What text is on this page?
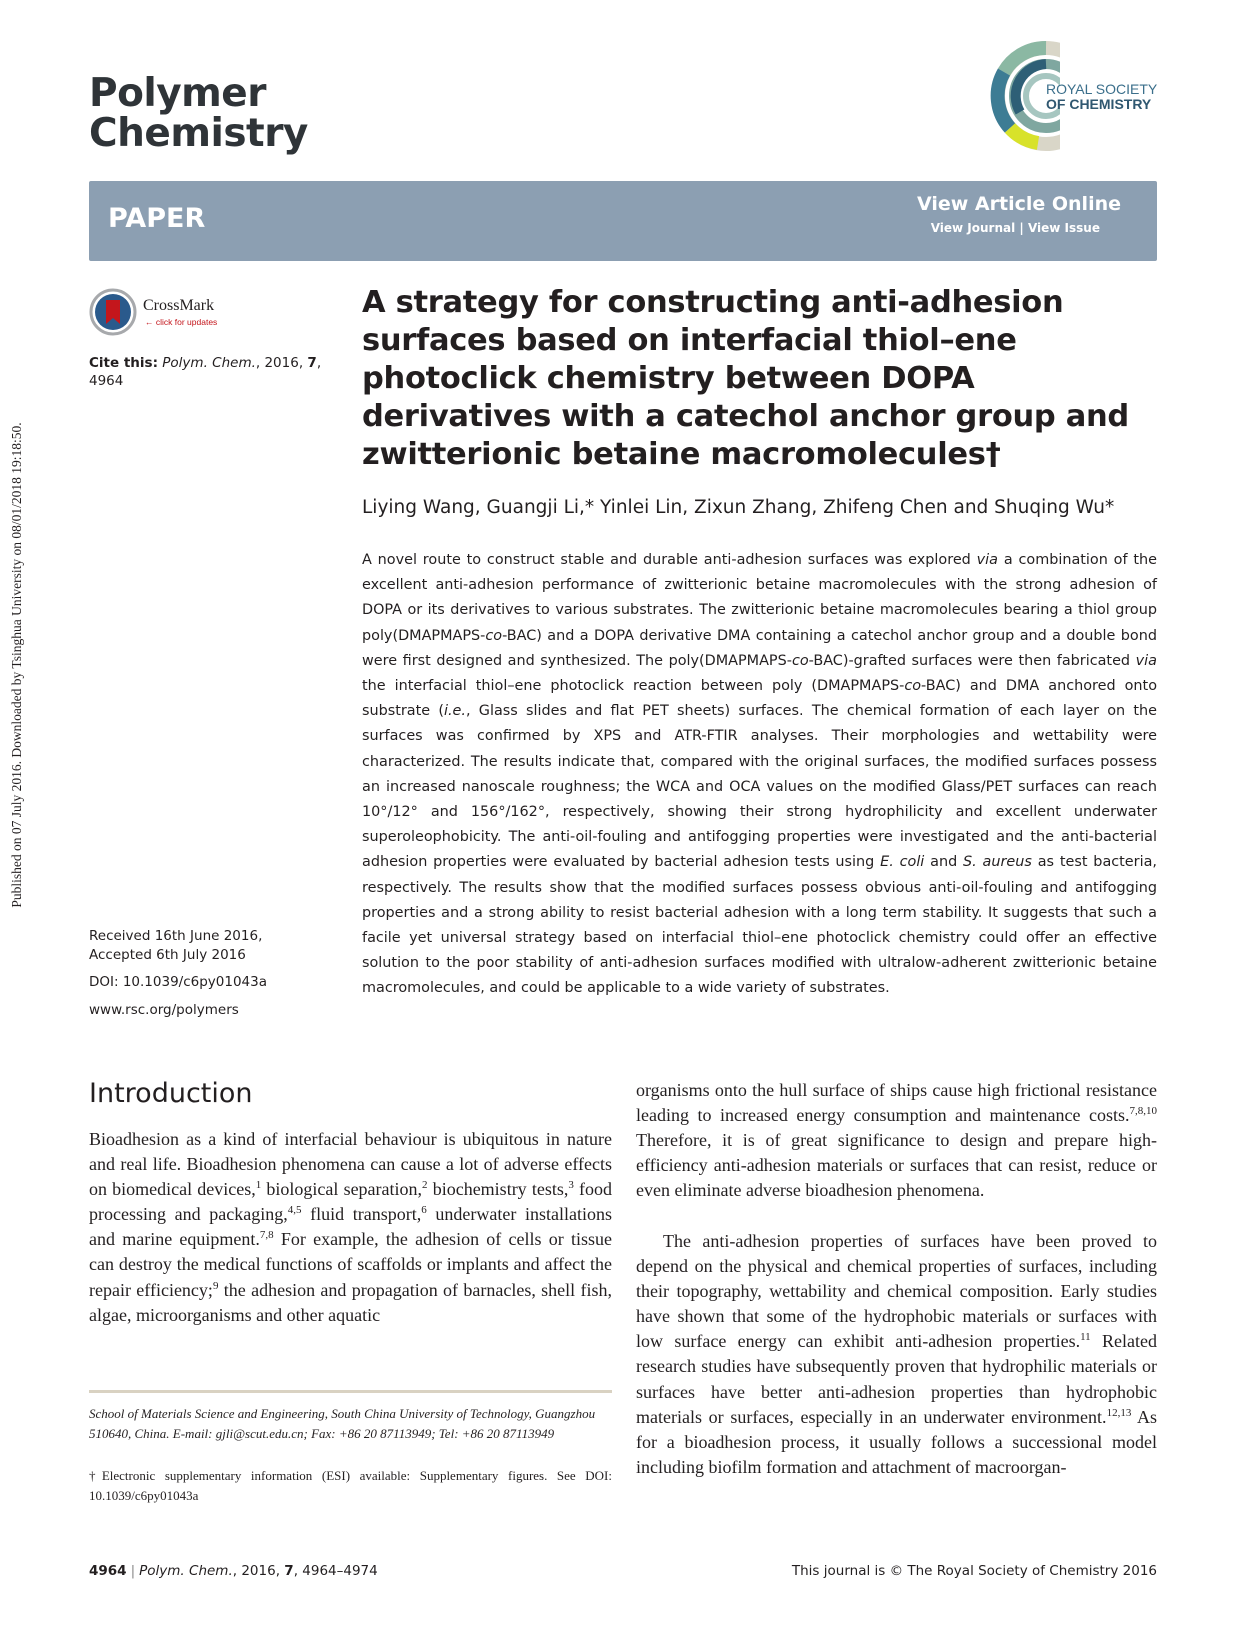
Published on 07 July 2016. Downloaded by Tsinghua University on 08/01/2018 19:18:50.
Polymer
Chemistry
ROYAL SOCIETY
OF CHEMISTRY
PAPER	View Article Online
View Journal | View Issue
CrossMark
← click for updates
Cite this: Polym. Chem., 2016, 7,
4964
Received 16th June 2016,
Accepted 6th July 2016
DOI: 10.1039/c6py01043a
www.rsc.org/polymers
A strategy for constructing anti-adhesion surfaces based on interfacial thiol–ene photoclick chemistry between DOPA derivatives with a catechol anchor group and zwitterionic betaine macromolecules†
Liying Wang, Guangji Li,* Yinlei Lin, Zixun Zhang, Zhifeng Chen and Shuqing Wu*

A novel route to construct stable and durable anti-adhesion surfaces was explored via a combination of the excellent anti-adhesion performance of zwitterionic betaine macromolecules with the strong adhesion of DOPA or its derivatives to various substrates. The zwitterionic betaine macromolecules bearing a thiol group poly(DMAPMAPS-co-BAC) and a DOPA derivative DMA containing a catechol anchor group and a double bond were first designed and synthesized. The poly(DMAPMAPS-co-BAC)-grafted surfaces were then fabricated via the interfacial thiol–ene photoclick reaction between poly (DMAPMAPS-co-BAC) and DMA anchored onto substrate (i.e., Glass slides and flat PET sheets) surfaces. The chemical formation of each layer on the surfaces was confirmed by XPS and ATR-FTIR analyses. Their morphologies and wettability were characterized. The results indicate that, compared with the original surfaces, the modified surfaces possess an increased nanoscale roughness; the WCA and OCA values on the modified Glass/PET surfaces can reach 10°/12° and 156°/162°, respectively, showing their strong hydrophilicity and excellent underwater superoleophobicity. The anti-oil-fouling and antifogging properties were investigated and the anti-bacterial adhesion properties were evaluated by bacterial adhesion tests using E. coli and S. aureus as test bacteria, respectively. The results show that the modified surfaces possess obvious anti-oil-fouling and antifogging properties and a strong ability to resist bacterial adhesion with a long term stability. It suggests that such a facile yet universal strategy based on interfacial thiol–ene photoclick chemistry could offer an effective solution to the poor stability of anti-adhesion surfaces modified with ultralow-adherent zwitterionic betaine macromolecules, and could be applicable to a wide variety of substrates.

Introduction

Bioadhesion as a kind of interfacial behaviour is ubiquitous in nature and real life. Bioadhesion phenomena can cause a lot of adverse effects on biomedical devices,$^1$ biological separation,$^2$ biochemistry tests,$^3$ food processing and packaging,$^{4,5}$ fluid transport,$^6$ underwater installations and marine equipment.$^{7,8}$ For example, the adhesion of cells or tissue can destroy the medical functions of scaffolds or implants and affect the repair efficiency;$^9$ the adhesion and propagation of barnacles, shell fish, algae, microorganisms and other aquatic

organisms onto the hull surface of ships cause high frictional resistance leading to increased energy consumption and maintenance costs.$^{7,8,10}$ Therefore, it is of great significance to design and prepare high-efficiency anti-adhesion materials or surfaces that can resist, reduce or even eliminate adverse bioadhesion phenomena.

The anti-adhesion properties of surfaces have been proved to depend on the physical and chemical properties of surfaces, including their topography, wettability and chemical composition. Early studies have shown that some of the hydrophobic materials or surfaces with low surface energy can exhibit anti-adhesion properties.$^{11}$ Related research studies have subsequently proven that hydrophilic materials or surfaces have better anti-adhesion properties than hydrophobic materials or surfaces, especially in an underwater environment.$^{12,13}$ As for a bioadhesion process, it usually follows a successional model including biofilm formation and attachment of macroorgan-

School of Materials Science and Engineering, South China University of Technology, Guangzhou 510640, China. E-mail: gjli@scut.edu.cn; Fax: +86 20 87113949; Tel: +86 20 87113949

†Electronic supplementary information (ESI) available: Supplementary figures. See DOI: 10.1039/c6py01043a

4964 | Polym. Chem., 2016, 7, 4964–4974	This journal is © The Royal Society of Chemistry 2016
